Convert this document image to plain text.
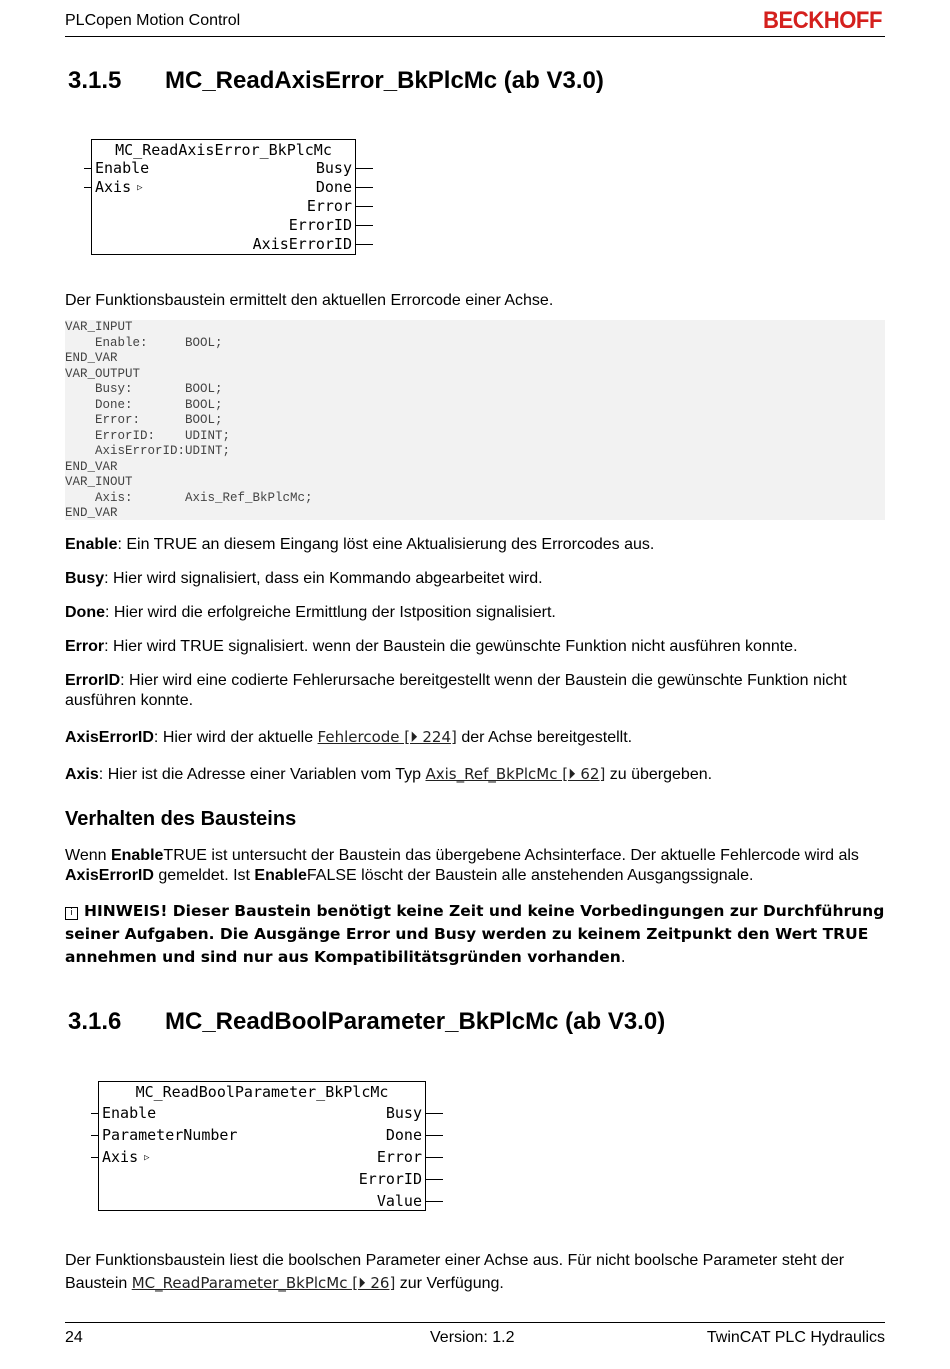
PLCopen Motion Control	BECKHOFF
3.1.5 MC_ReadAxisError_BkPlcMc (ab V3.0)
MC_ReadAxisError_BkPlcMc
Enable
Axis ▷
Busy
Done
Error
ErrorID
AxisErrorID
Der Funktionsbaustein ermittelt den aktuellen Errorcode einer Achse.
VAR_INPUT
Enable:     BOOL;
END_VAR
VAR_OUTPUT
Busy:       BOOL;
Done:       BOOL;
Error:      BOOL;
ErrorID:    UDINT;
AxisErrorID:UDINT;
END_VAR
VAR_INOUT
Axis:       Axis_Ref_BkPlcMc;
END_VAR
Enable: Ein TRUE an diesem Eingang löst eine Aktualisierung des Errorcodes aus.
Busy: Hier wird signalisiert, dass ein Kommando abgearbeitet wird.
Done: Hier wird die erfolgreiche Ermittlung der Istposition signalisiert.
Error: Hier wird TRUE signalisiert. wenn der Baustein die gewünschte Funktion nicht ausführen konnte.
ErrorID: Hier wird eine codierte Fehlerursache bereitgestellt wenn der Baustein die gewünschte Funktion nicht ausführen konnte.
AxisErrorID: Hier wird der aktuelle Fehlercode [⏵ 224] der Achse bereitgestellt.
Axis: Hier ist die Adresse einer Variablen vom Typ Axis_Ref_BkPlcMc [⏵ 62] zu übergeben.
Verhalten des Bausteins
Wenn EnableTRUE ist untersucht der Baustein das übergebene Achsinterface. Der aktuelle Fehlercode wird als AxisErrorID gemeldet. Ist EnableFALSE löscht der Baustein alle anstehenden Ausgangssignale.
i HINWEIS! Dieser Baustein benötigt keine Zeit und keine Vorbedingungen zur Durchführung seiner Aufgaben. Die Ausgänge Error und Busy werden zu keinem Zeitpunkt den Wert TRUE annehmen und sind nur aus Kompatibilitätsgründen vorhanden.
3.1.6 MC_ReadBoolParameter_BkPlcMc (ab V3.0)
MC_ReadBoolParameter_BkPlcMc
Enable
ParameterNumber
Axis ▷
Busy
Done
Error
ErrorID
Value
Der Funktionsbaustein liest die boolschen Parameter einer Achse aus. Für nicht boolsche Parameter steht der Baustein MC_ReadParameter_BkPlcMc [⏵ 26] zur Verfügung.
24	Version: 1.2	TwinCAT PLC Hydraulics
